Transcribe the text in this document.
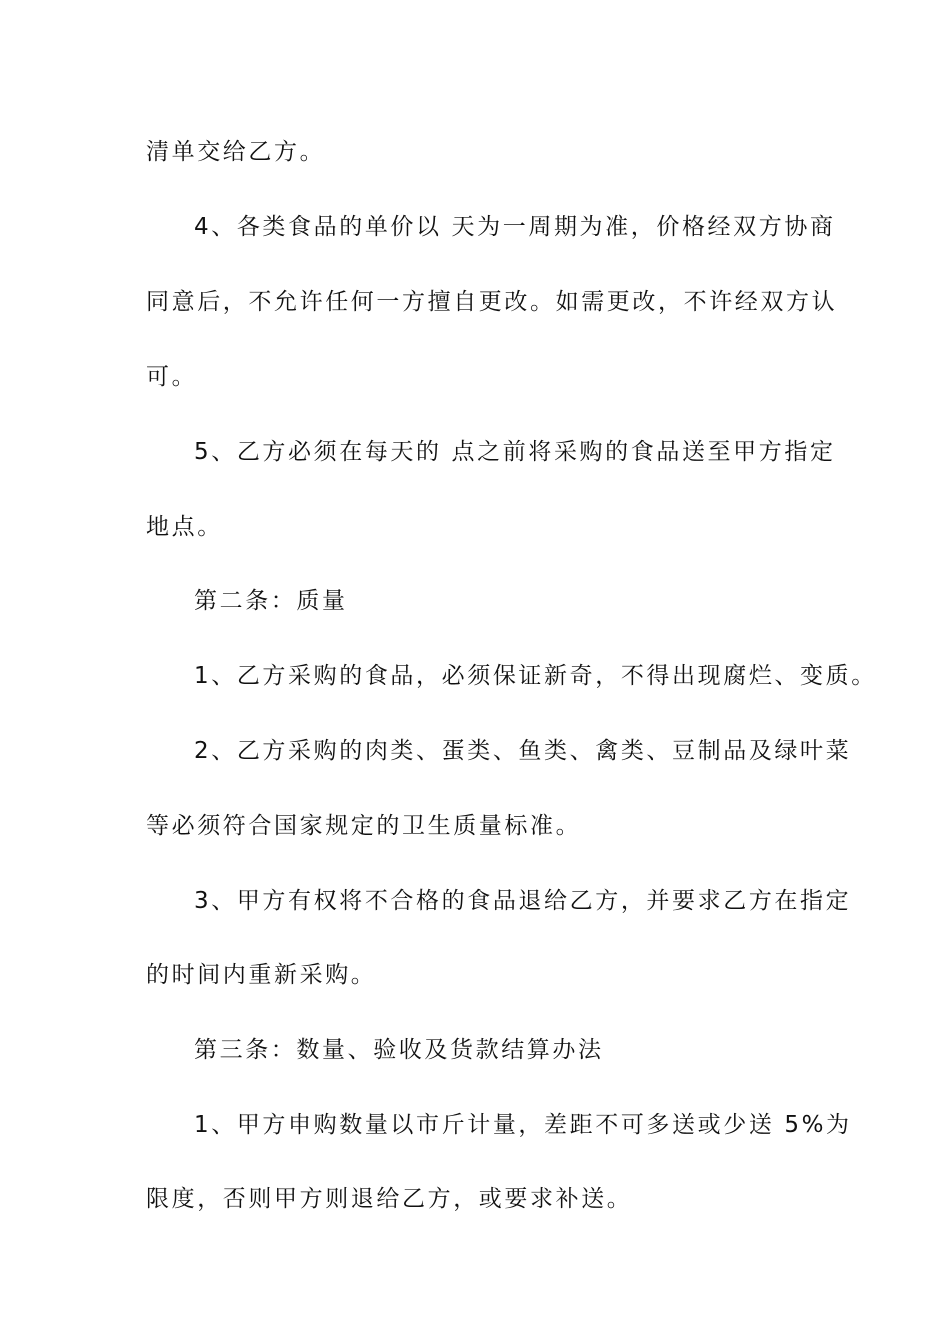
清单交给乙方。
4、各类食品的单价以 天为一周期为准，价格经双方协商
同意后，不允许任何一方擅自更改。如需更改，不许经双方认
可。
5、乙方必须在每天的 点之前将采购的食品送至甲方指定
地点。
第二条：质量
1、乙方采购的食品，必须保证新奇，不得出现腐烂、变质。
2、乙方采购的肉类、蛋类、鱼类、禽类、豆制品及绿叶菜
等必须符合国家规定的卫生质量标准。
3、甲方有权将不合格的食品退给乙方，并要求乙方在指定
的时间内重新采购。
第三条：数量、验收及货款结算办法
1、甲方申购数量以市斤计量，差距不可多送或少送 5%为
限度，否则甲方则退给乙方，或要求补送。
